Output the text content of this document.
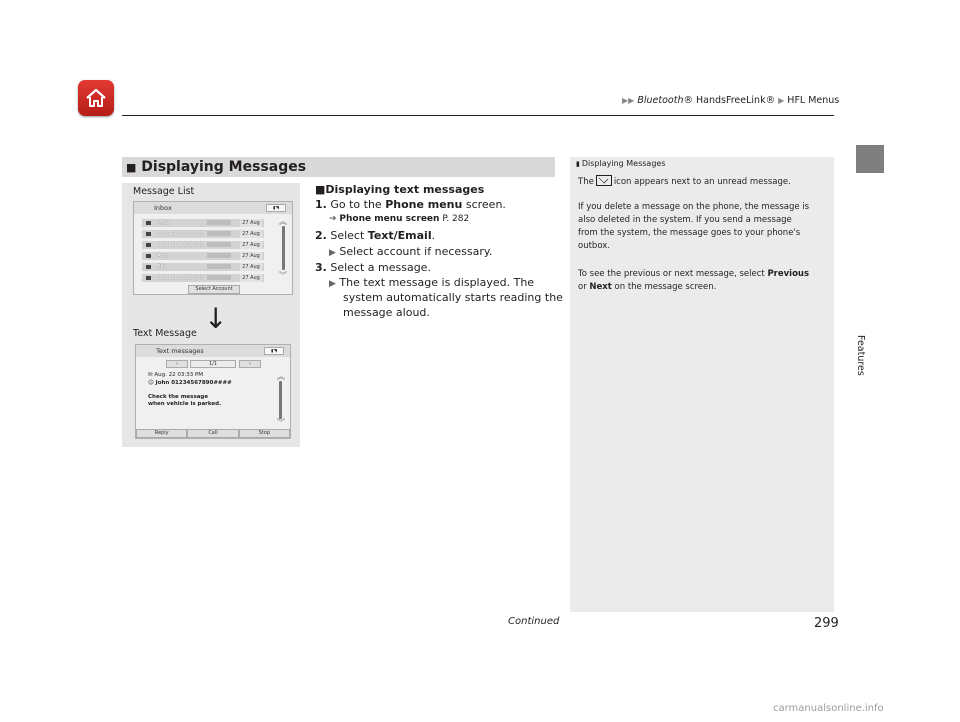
▶▶ Bluetooth® HandsFreeLink® ▶ HFL Menus
Features
■ Displaying Messages
Message List
Inbox	▮◥
Mike	27 Aug
1 1 1 0 2 2 8 8 8	27 Aug
1 1 1 0 1 2 8 8 8	27 Aug
Ann	27 Aug
Elie	27 Aug
1 1 1 0 2 2 8 8 8	27 Aug
︽
︾
Select Account
Text Message
Text messages	▮◥
‹	1/1	›
✉ Aug. 22 03:33 PM
☺ John 01234567890####
Check the message
when vehicle is parked.
︽
︾
Reply	Call	Stop
↓
■Displaying text messages
1. Go to the Phone menu screen.
➔ Phone menu screen P. 282
2. Select Text/Email.
▶ Select account if necessary.
3. Select a message.
▶ The text message is displayed. The
system automatically starts reading the
message aloud.
▮ Displaying Messages
The icon appears next to an unread message.
If you delete a message on the phone, the message is
also deleted in the system. If you send a message
from the system, the message goes to your phone's
outbox.
To see the previous or next message, select Previous
or Next on the message screen.
Continued	299
carmanualsonline.info
